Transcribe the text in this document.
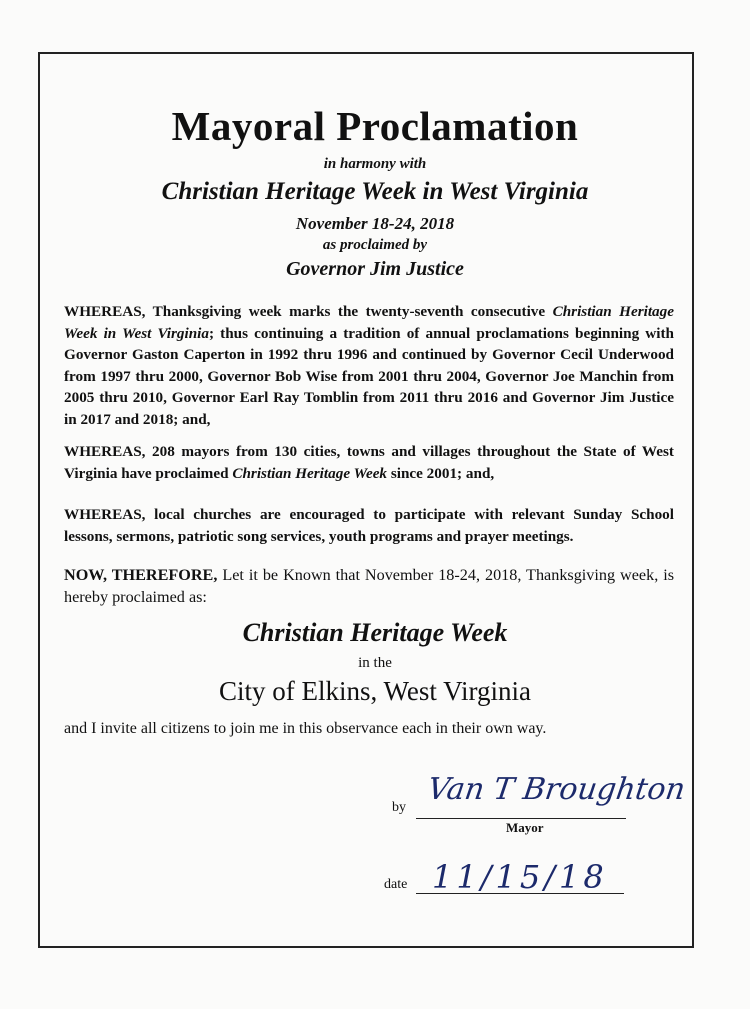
Mayoral Proclamation
in harmony with
Christian Heritage Week in West Virginia
November 18-24, 2018
as proclaimed by
Governor Jim Justice
WHEREAS, Thanksgiving week marks the twenty-seventh consecutive Christian Heritage Week in West Virginia; thus continuing a tradition of annual proclamations beginning with Governor Gaston Caperton in 1992 thru 1996 and continued by Governor Cecil Underwood from 1997 thru 2000, Governor Bob Wise from 2001 thru 2004, Governor Joe Manchin from 2005 thru 2010, Governor Earl Ray Tomblin from 2011 thru 2016 and Governor Jim Justice in 2017 and 2018; and,
WHEREAS, 208 mayors from 130 cities, towns and villages throughout the State of West Virginia have proclaimed Christian Heritage Week since 2001; and,
WHEREAS, local churches are encouraged to participate with relevant Sunday School lessons, sermons, patriotic song services, youth programs and prayer meetings.
NOW, THEREFORE, Let it be Known that November 18-24, 2018, Thanksgiving week, is hereby proclaimed as:
Christian Heritage Week
in the
City of Elkins, West Virginia
and I invite all citizens to join me in this observance each in their own way.
by
Van T Broughton
Mayor
date 11/15/18
